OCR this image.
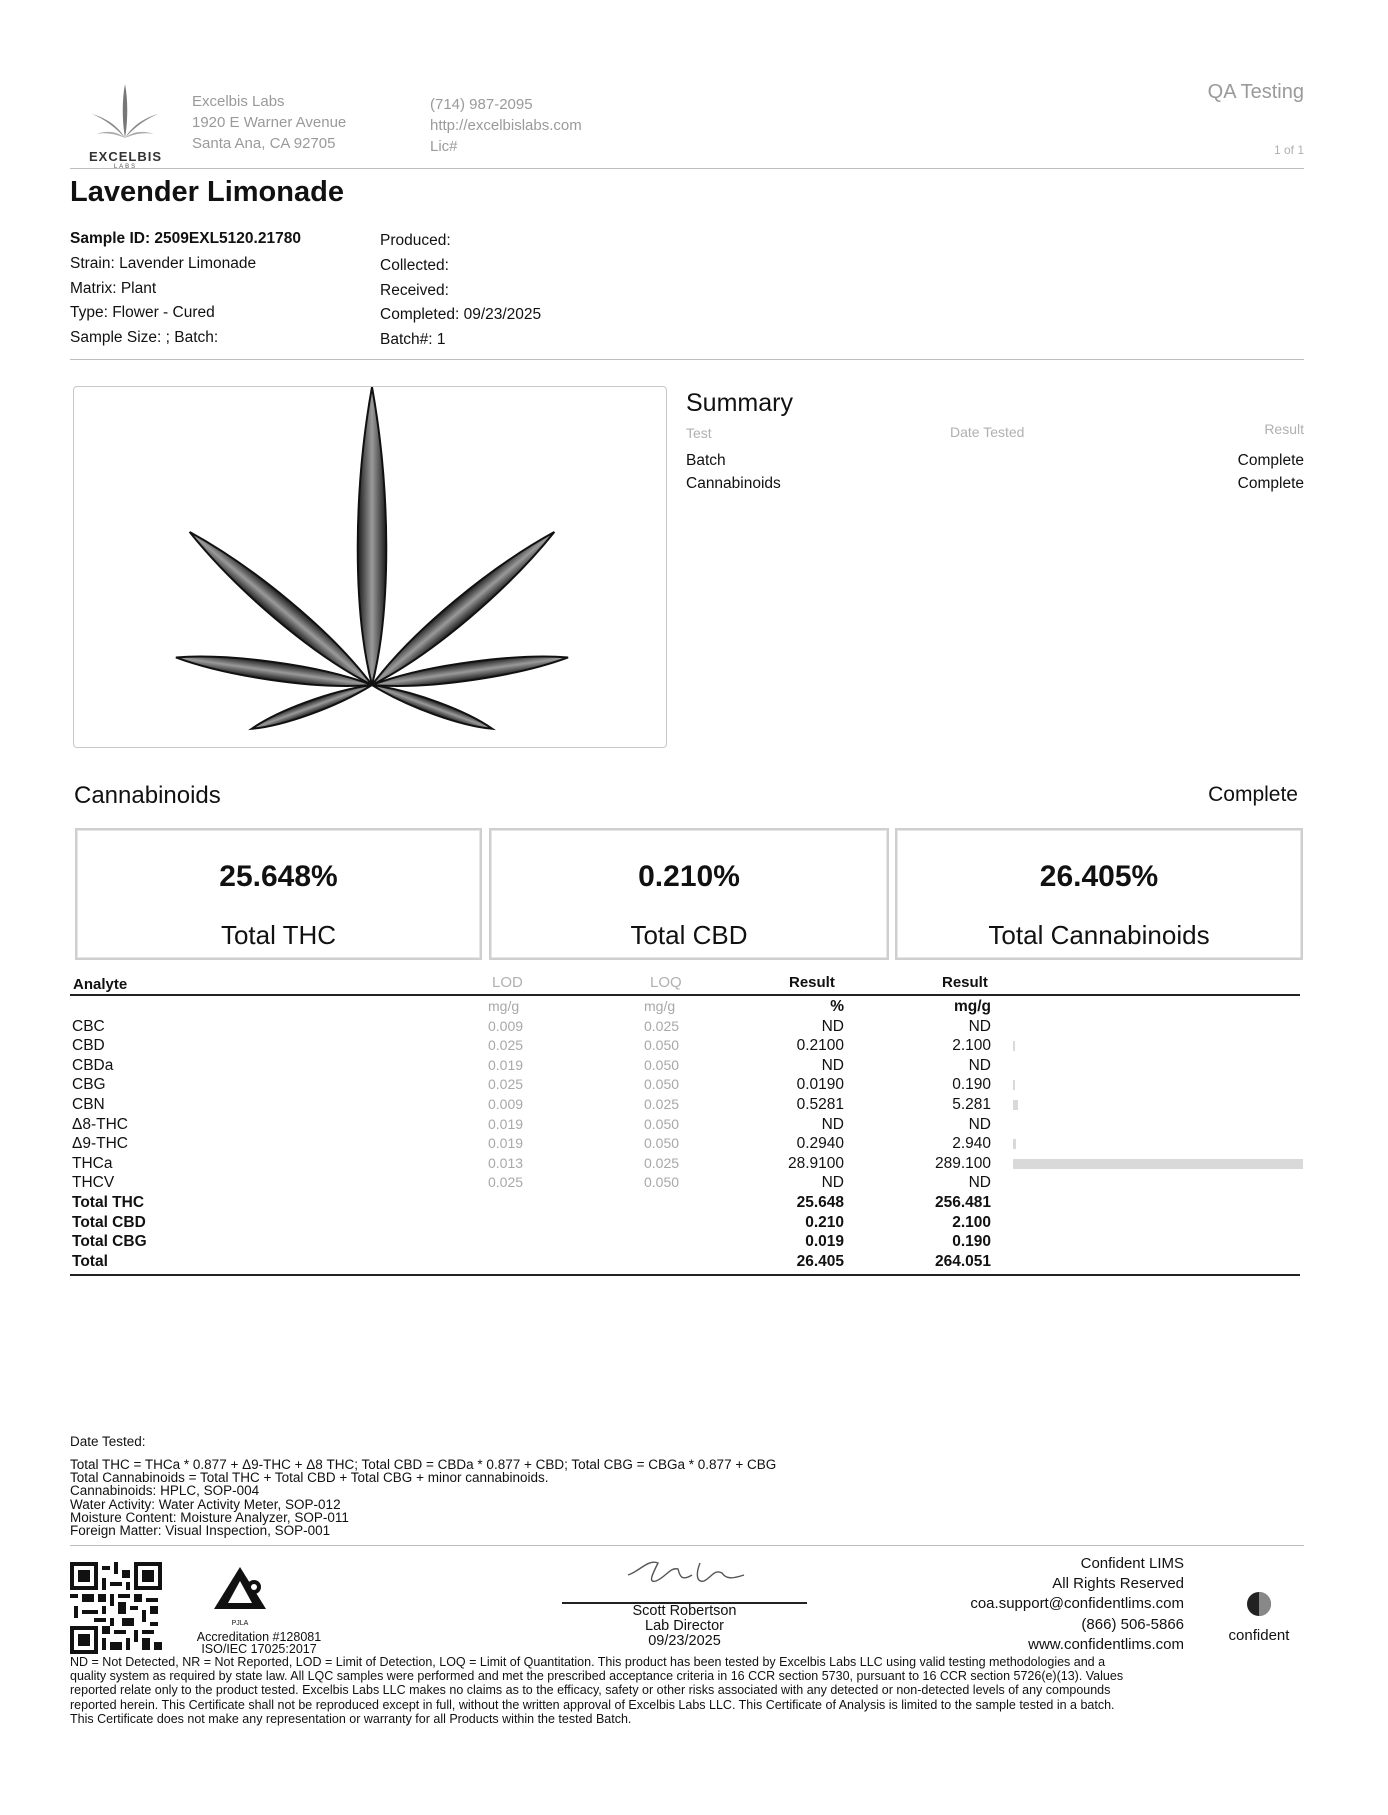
EXCELBIS
LABS
Excelbis Labs
1920 E Warner Avenue
Santa Ana, CA 92705
(714) 987-2095
http://excelbislabs.com
Lic#
QA Testing
1 of 1
Lavender Limonade
Sample ID: 2509EXL5120.21780
Strain: Lavender Limonade
Matrix: Plant
Type: Flower - Cured
Sample Size: ; Batch:
Produced:
Collected:
Received:
Completed: 09/23/2025
Batch#: 1
Summary
Test	Date Tested	Result
Batch	Complete
Cannabinoids	Complete
Cannabinoids	Complete
25.648%
Total THC
0.210%
Total CBD
26.405%
Total Cannabinoids
Analyte	LOD	LOQ	Result	Result
	mg/g	mg/g	%	mg/g	
CBC	0.009	0.025	ND	ND	
CBD	0.025	0.050	0.2100	2.100	

CBDa	0.019	0.050	ND	ND	
CBG	0.025	0.050	0.0190	0.190	

CBN	0.009	0.025	0.5281	5.281	

Δ8-THC	0.019	0.050	ND	ND	
Δ9-THC	0.019	0.050	0.2940	2.940	

THCa	0.013	0.025	28.9100	289.100	

THCV	0.025	0.050	ND	ND	
Total THC			25.648	256.481	
Total CBD			0.210	2.100	
Total CBG			0.019	0.190	
Total			26.405	264.051	
Date Tested:
Total THC = THCa * 0.877 + Δ9-THC + Δ8 THC; Total CBD = CBDa * 0.877 + CBD; Total CBG = CBGa * 0.877 + CBG
Total Cannabinoids = Total THC + Total CBD + Total CBG + minor cannabinoids.
Cannabinoids: HPLC, SOP-004
Water Activity: Water Activity Meter, SOP-012
Moisture Content: Moisture Analyzer, SOP-011
Foreign Matter: Visual Inspection, SOP-001
PJLA
Accreditation #128081
ISO/IEC 17025:2017
Scott Robertson
Lab Director
09/23/2025
Confident LIMS
All Rights Reserved
coa.support@confidentlims.com
(866) 506-5866
www.confidentlims.com
confident
ND = Not Detected, NR = Not Reported, LOD = Limit of Detection, LOQ = Limit of Quantitation. This product has been tested by Excelbis Labs LLC using valid testing methodologies and a
quality system as required by state law. All LQC samples were performed and met the prescribed acceptance criteria in 16 CCR section 5730, pursuant to 16 CCR section 5726(e)(13). Values
reported relate only to the product tested. Excelbis Labs LLC makes no claims as to the efficacy, safety or other risks associated with any detected or non-detected levels of any compounds
reported herein. This Certificate shall not be reproduced except in full, without the written approval of Excelbis Labs LLC. This Certificate of Analysis is limited to the sample tested in a batch.
This Certificate does not make any representation or warranty for all Products within the tested Batch.
